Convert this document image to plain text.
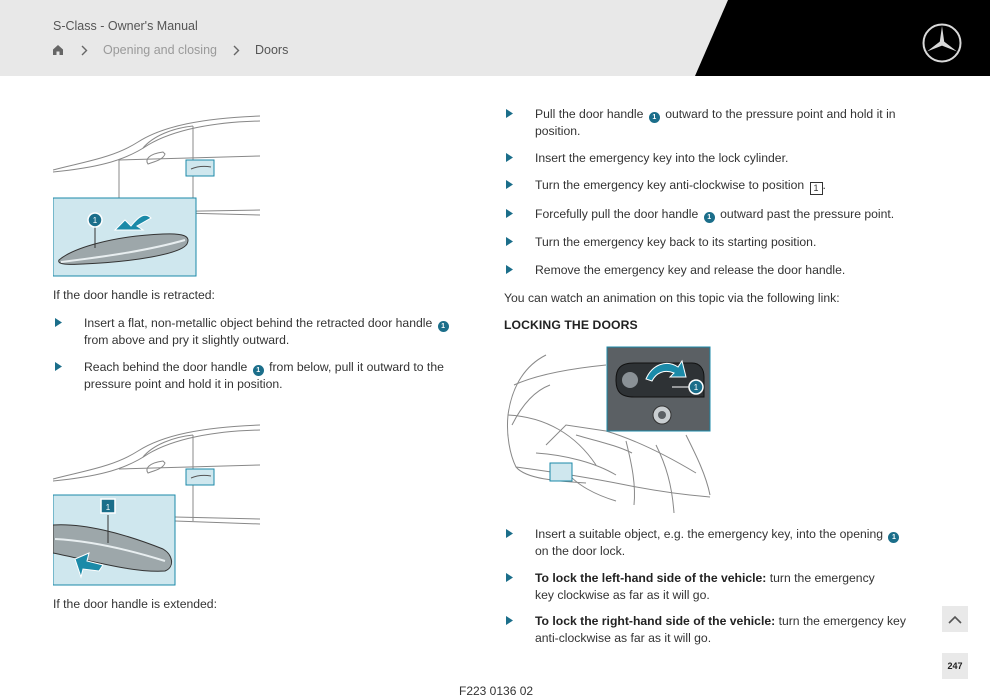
S-Class - Owner's Manual
Opening and closing	Doors
1
If the door handle is retracted:
Insert a flat, non-metallic object behind the retracted door handle 1 from above and pry it slightly outward.
Reach behind the door handle 1 from below, pull it outward to the pressure point and hold it in position.
1
If the door handle is extended:
Pull the door handle 1 outward to the pressure point and hold it in position.
Insert the emergency key into the lock cylinder.
Turn the emergency key anti-clockwise to position 1 .
Forcefully pull the door handle 1 outward past the pressure point.
Turn the emergency key back to its starting position.
Remove the emergency key and release the door handle.
You can watch an animation on this topic via the following link:
LOCKING THE DOORS
1
Insert a suitable object, e.g. the emergency key, into the opening 1 on the door lock.
To lock the left-hand side of the vehicle: turn the emergency key clockwise as far as it will go.
To lock the right-hand side of the vehicle: turn the emergency key anti-clockwise as far as it will go.
247
F223 0136 02
